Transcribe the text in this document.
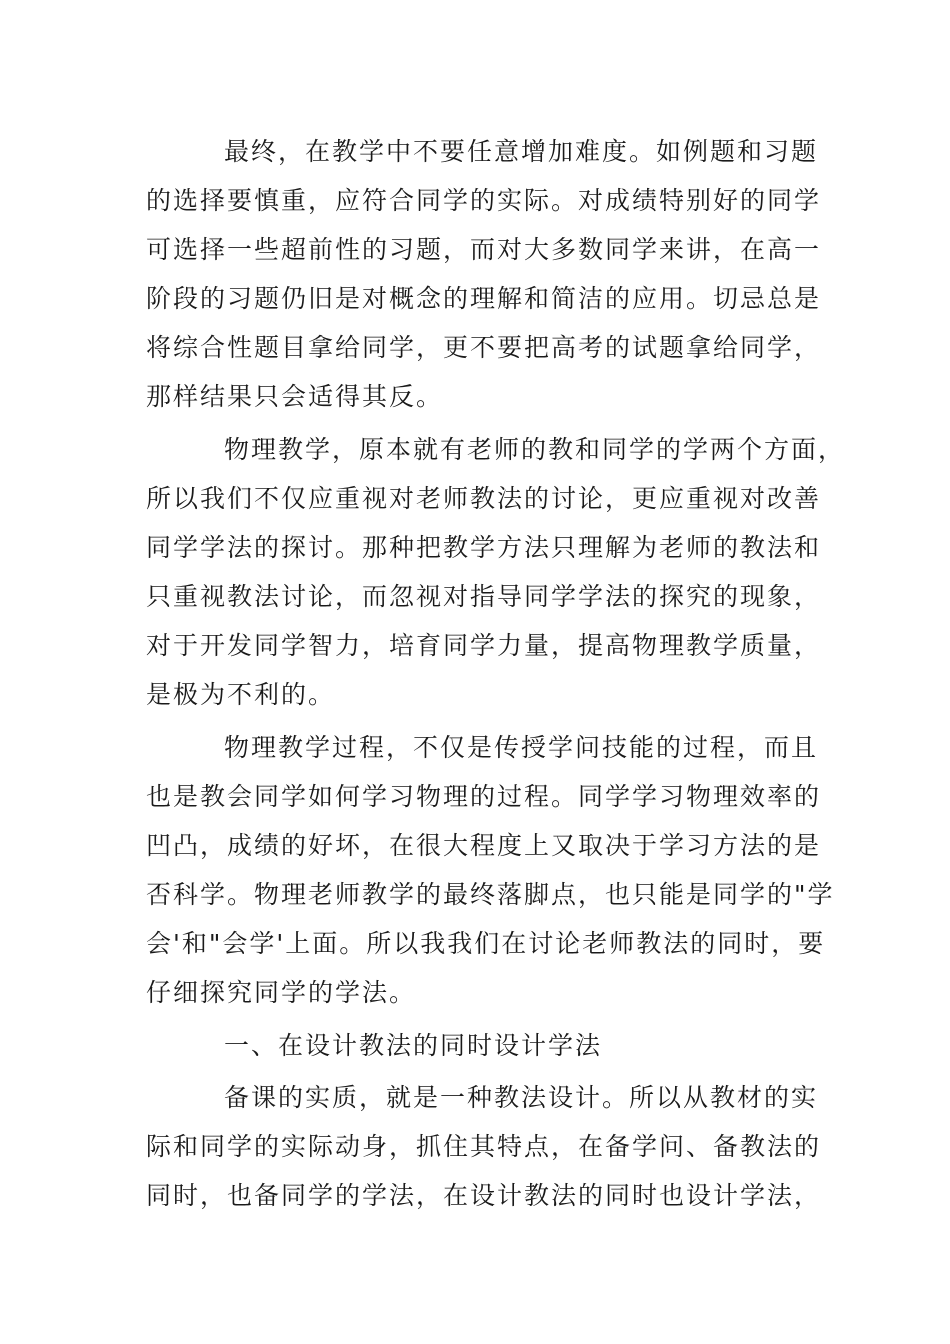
最终，在教学中不要任意增加难度。如例题和习题
的选择要慎重，应符合同学的实际。对成绩特别好的同学
可选择一些超前性的习题，而对大多数同学来讲，在高一
阶段的习题仍旧是对概念的理解和简洁的应用。切忌总是
将综合性题目拿给同学，更不要把高考的试题拿给同学，
那样结果只会适得其反。
物理教学，原本就有老师的教和同学的学两个方面，
所以我们不仅应重视对老师教法的讨论，更应重视对改善
同学学法的探讨。那种把教学方法只理解为老师的教法和
只重视教法讨论，而忽视对指导同学学法的探究的现象，
对于开发同学智力，培育同学力量，提高物理教学质量，
是极为不利的。
物理教学过程，不仅是传授学问技能的过程，而且
也是教会同学如何学习物理的过程。同学学习物理效率的
凹凸，成绩的好坏，在很大程度上又取决于学习方法的是
否科学。物理老师教学的最终落脚点，也只能是同学的"学
会'和"会学'上面。所以我我们在讨论老师教法的同时，要
仔细探究同学的学法。
一、在设计教法的同时设计学法
备课的实质，就是一种教法设计。所以从教材的实
际和同学的实际动身，抓住其特点，在备学问、备教法的
同时，也备同学的学法，在设计教法的同时也设计学法，
